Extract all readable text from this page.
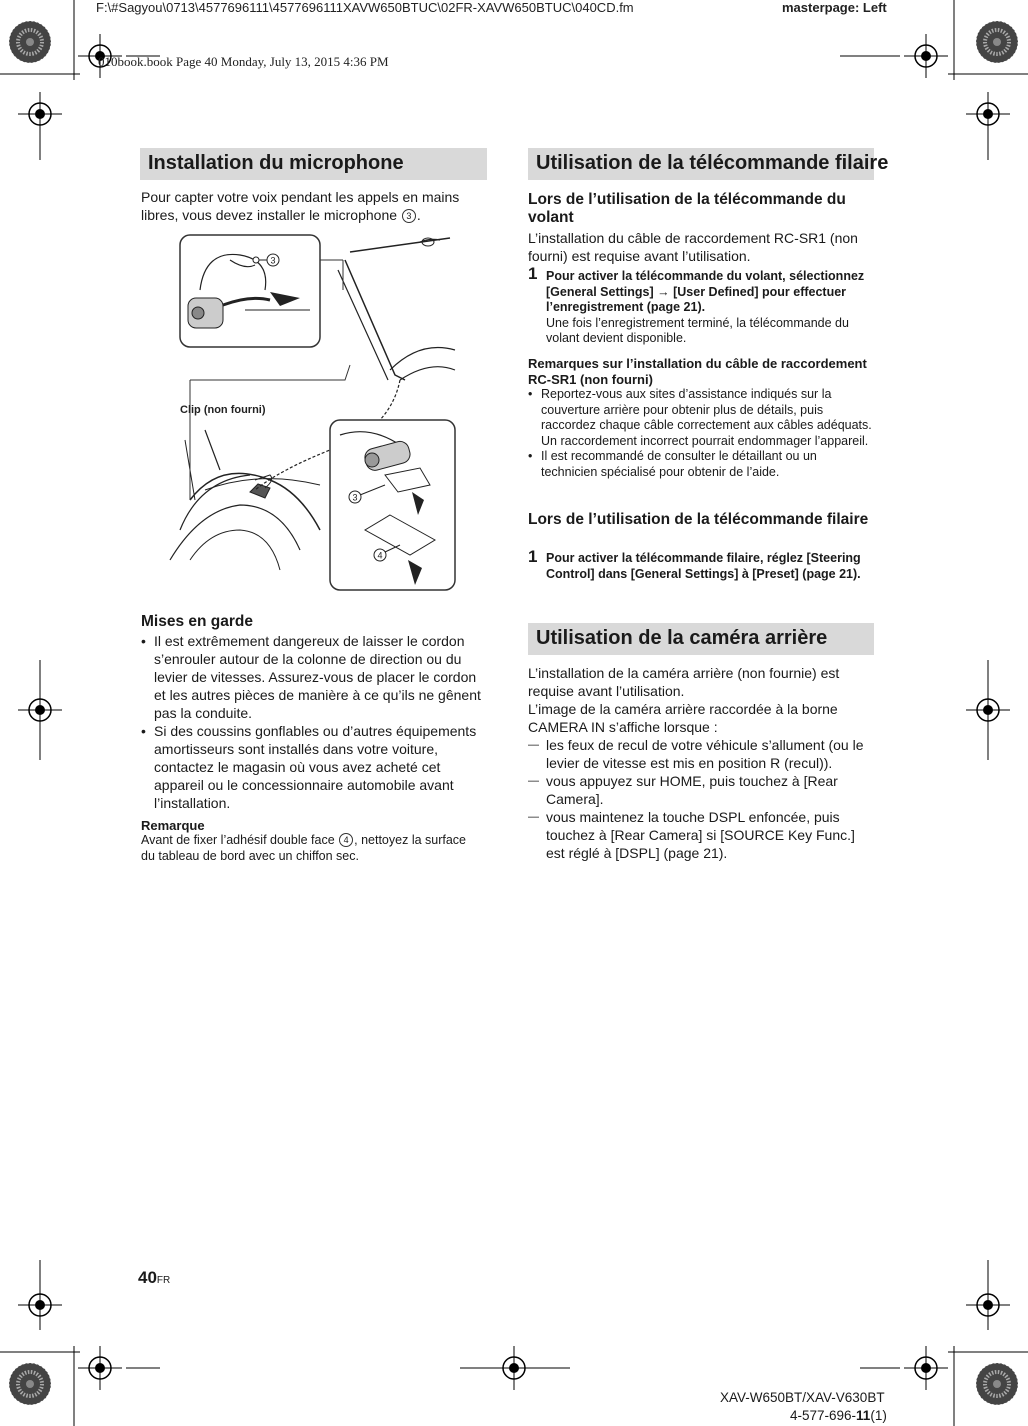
F:\#Sagyou\0713\4577696111\4577696111XAVW650BTUC\02FR-XAVW650BTUC\040CD.fm	masterpage: Left
010book.book Page 40 Monday, July 13, 2015 4:36 PM
Installation du microphone
Pour capter votre voix pendant les appels en mains libres, vous devez installer le microphone 3 .
3
Clip (non fourni)
3
4
Mises en garde
• Il est extrêmement dangereux de laisser le cordon s’enrouler autour de la colonne de direction ou du levier de vitesses. Assurez-vous de placer le cordon et les autres pièces de manière à ce qu’ils ne gênent pas la conduite.
• Si des coussins gonflables ou d’autres équipements amortisseurs sont installés dans votre voiture, contactez le magasin où vous avez acheté cet appareil ou le concessionnaire automobile avant l’installation.
Remarque
Avant de fixer l’adhésif double face 4 , nettoyez la surface du tableau de bord avec un chiffon sec.
Utilisation de la télécommande filaire
Lors de l’utilisation de la télécommande du volant
L’installation du câble de raccordement RC-SR1 (non fourni) est requise avant l’utilisation.
1 Pour activer la télécommande du volant, sélectionnez [General Settings] → [User Defined] pour effectuer l’enregistrement (page 21).
Une fois l’enregistrement terminé, la télécommande du volant devient disponible.
Remarques sur l’installation du câble de raccordement RC-SR1 (non fourni)
• Reportez-vous aux sites d’assistance indiqués sur la couverture arrière pour obtenir plus de détails, puis raccordez chaque câble correctement aux câbles adéquats. Un raccordement incorrect pourrait endommager l’appareil.
• Il est recommandé de consulter le détaillant ou un technicien spécialisé pour obtenir de l’aide.
Lors de l’utilisation de la télécommande filaire
1 Pour activer la télécommande filaire, réglez [Steering Control] dans [General Settings] à [Preset] (page 21).
Utilisation de la caméra arrière
L’installation de la caméra arrière (non fournie) est requise avant l’utilisation.
L’image de la caméra arrière raccordée à la borne CAMERA IN s’affiche lorsque :
— les feux de recul de votre véhicule s’allument (ou le levier de vitesse est mis en position R (recul)).
— vous appuyez sur HOME, puis touchez à [Rear Camera].
— vous maintenez la touche DSPL enfoncée, puis touchez à [Rear Camera] si [SOURCE Key Func.] est réglé à [DSPL] (page 21).
40FR
XAV-W650BT/XAV-V630BT
4-577-696-11(1)
